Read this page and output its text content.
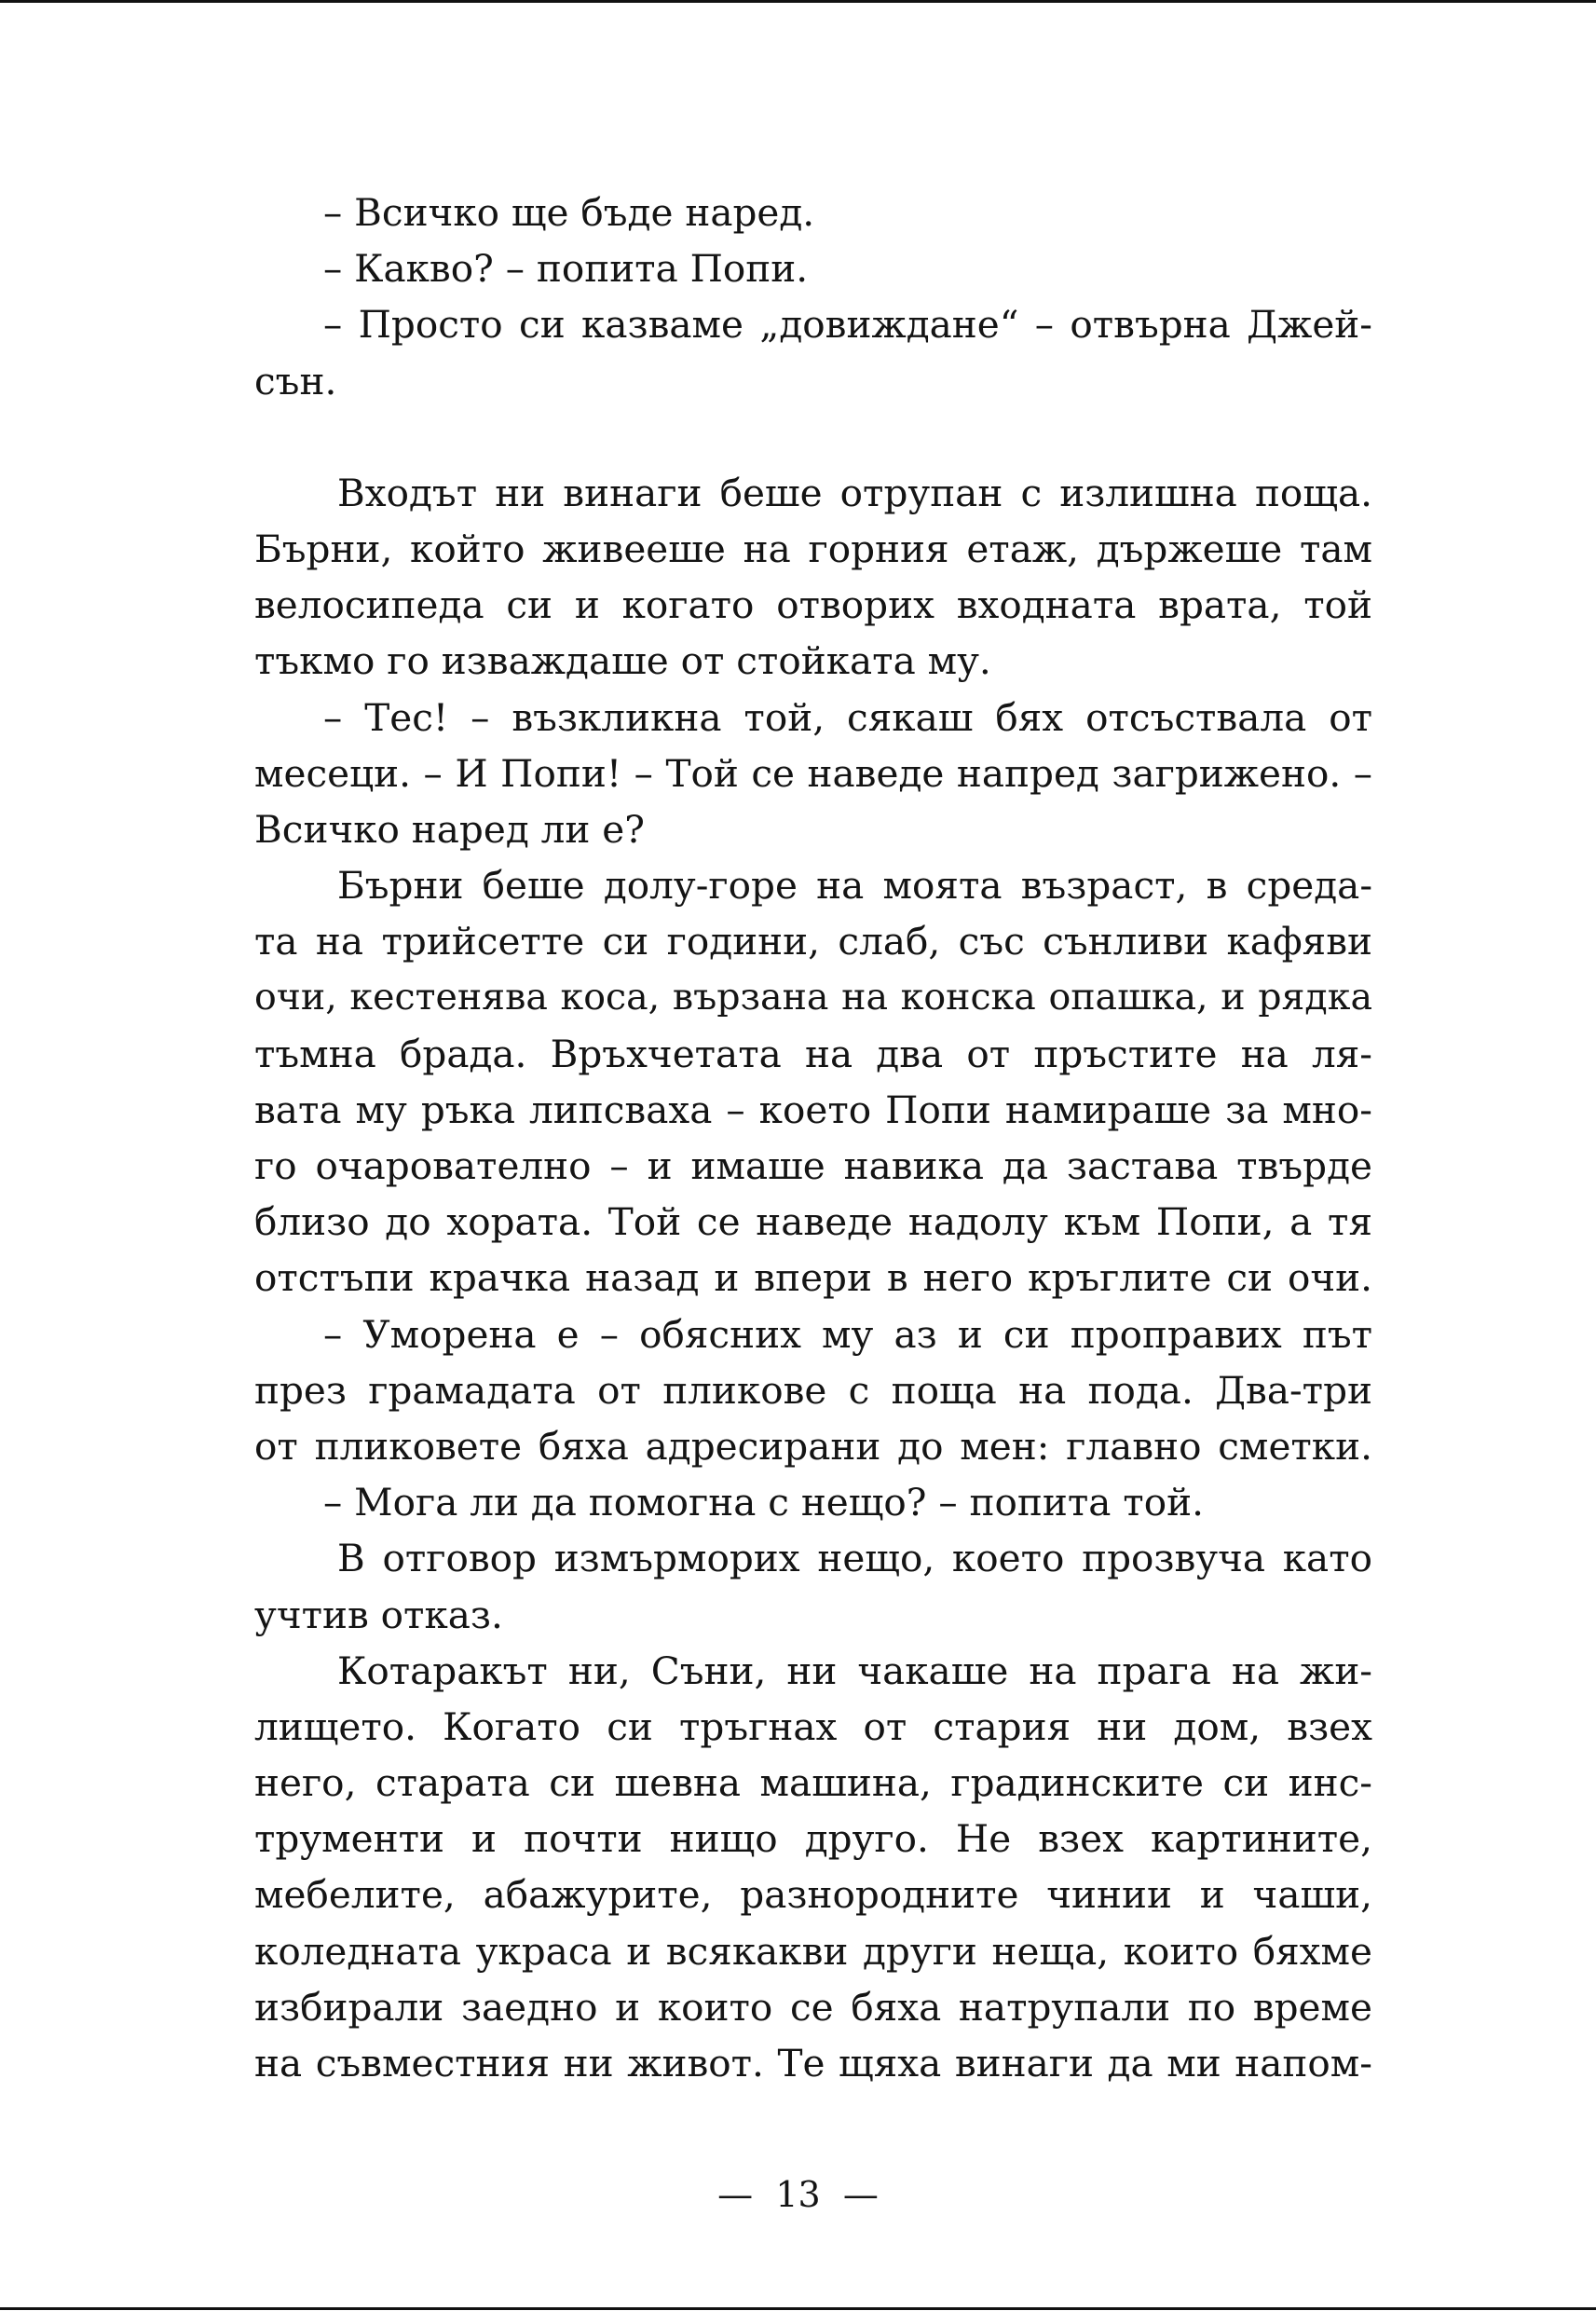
– Всичко ще бъде наред.
– Какво? – попита Попи.
– Просто си казваме „довиждане“ – отвърна Джей-
сън.
Входът ни винаги беше отрупан с излишна поща.
Бърни, който живееше на горния етаж, държеше там
велосипеда си и когато отворих входната врата, той
тъкмо го изваждаше от стойката му.
– Тес! – възкликна той, сякаш бях отсъствала от
месеци. – И Попи! – Той се наведе напред загрижено. –
Всичко наред ли е?
Бърни беше долу-горе на моята възраст, в среда-
та на трийсетте си години, слаб, със сънливи кафяви
очи, кестенява коса, вързана на конска опашка, и рядка
тъмна брада. Връхчетата на два от пръстите на ля-
вата му ръка липсваха – което Попи намираше за мно-
го очарователно – и имаше навика да застава твърде
близо до хората. Той се наведе надолу към Попи, а тя
отстъпи крачка назад и впери в него кръглите си очи.
– Уморена е – обясних му аз и си проправих път
през грамадата от пликове с поща на пода. Два-три
от пликовете бяха адресирани до мен: главно сметки.
– Мога ли да помогна с нещо? – попита той.
В отговор измърморих нещо, което прозвуча като
учтив отказ.
Котаракът ни, Съни, ни чакаше на прага на жи-
лището. Когато си тръгнах от стария ни дом, взех
него, старата си шевна машина, градинските си инс-
трументи и почти нищо друго. Не взех картините,
мебелите, абажурите, разнородните чинии и чаши,
коледната украса и всякакви други неща, които бяхме
избирали заедно и които се бяха натрупали по време
на съвместния ни живот. Те щяха винаги да ми напом-
—  13  —
